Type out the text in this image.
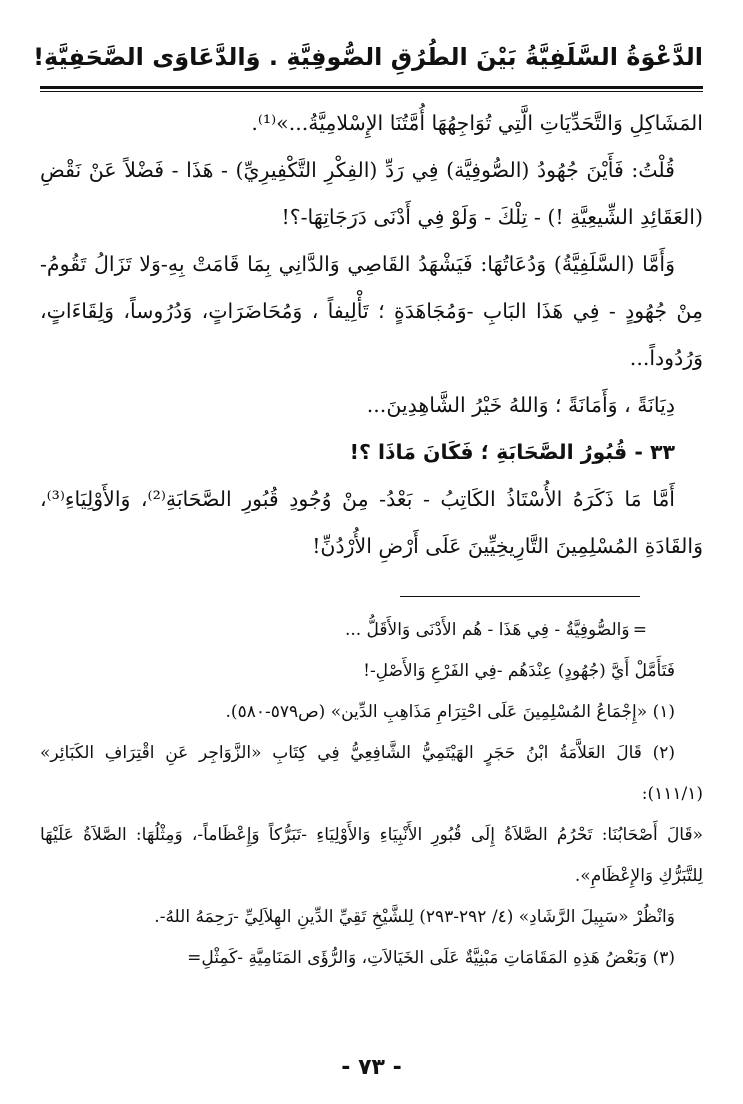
الدَّعْوَةُ السَّلَفِيَّةُ بَيْنَ الطُرُقِ الصُّوفِيَّةِ . وَالدَّعَاوَى الصَّحَفِيَّةِ!

المَشَاكِلِ وَالتَّحَدِّيَاتِ الَّتِي تُوَاجِهُهَا أُمَّتُنَا الإِسْلامِيَّةُ...»⁽¹⁾.

قُلْتُ: فَأَيْنَ جُهُودُ (الصُّوفِيَّة) فِي رَدِّ (الفِكْرِ التَّكْفِيرِيِّ) - هَذَا - فَضْلاً عَنْ نَقْضِ (العَقَائِدِ الشِّيعِيَّةِ !) - تِلْكَ - وَلَوْ فِي أَدْنَى دَرَجَاتِهَا-؟!

وَأَمَّا (السَّلَفِيَّةُ) وَدُعَاتُهَا: فَيَشْهَدُ القَاصِي وَالدَّانِي بِمَا قَامَتْ بِهِ-وَلا تَزَالُ تَقُومُ- مِنْ جُهُودٍ - فِي هَذَا البَابِ -وَمُجَاهَدَةٍ ؛ تَأْلِيفاً ، وَمُحَاضَرَاتٍ، وَدُرُوساً، وَلِقَاءَاتٍ، وَرُدُوداً...

دِيَانَةً ، وَأَمَانَةً ؛ وَاللهُ خَيْرُ الشَّاهِدِينَ...

٣٣ - قُبُورُ الصَّحَابَةِ ؛ فَكَانَ مَاذَا ؟!

أَمَّا مَا ذَكَرَهُ الأُسْتَاذُ الكَاتِبُ - بَعْدُ- مِنْ وُجُودِ قُبُورِ الصَّحَابَةِ⁽²⁾، وَالأَوْلِيَاءِ⁽³⁾، وَالقَادَةِ المُسْلِمِينَ التَّارِيخِيِّينَ عَلَى أَرْضِ الأُرْدُنِّ!

= وَالصُّوفِيَّةُ - فِي هَذَا - هُم الأَدْنَى وَالأَقَلُّ ...

فَتَأَمَّلْ أَيَّ (جُهُودٍ) عِنْدَهُم -فِي الفَرْعِ وَالأَصْلِ-!

(١) «إِجْمَاعُ المُسْلِمِينَ عَلَى احْتِرَامِ مَذَاهِبِ الدِّين» (ص٥٧٩-٥٨٠).

(٢) قَالَ العَلاَّمَةُ ابْنُ حَجَرٍ الهَيْتَمِيُّ الشَّافِعِيُّ فِي كِتَابِ «الزَّوَاجِر عَنِ اقْتِرَافِ الكَبَائِر» (١١١/١):

«قَالَ أَصْحَابُنَا: تَحْرُمُ الصَّلاَةُ إِلَى قُبُورِ الأَنْبِيَاءِ وَالأَوْلِيَاءِ -تَبَرُّكاً وَإِعْظَاماً-، وَمِثْلُهَا: الصَّلاَةُ عَلَيْهَا لِلتَّبَرُّكِ وَالإِعْظَامِ».

وَانْظُرْ «سَبِيلَ الرَّشَادِ» (٤/ ٢٩٢-٢٩٣) لِلشَّيْخِ تَقِيِّ الدِّينِ الهِلاَلِيِّ -رَحِمَهُ اللهُ-.

(٣) وَبَعْضُ هَذِهِ المَقَامَاتِ مَبْنِيَّةٌ عَلَى الخَيَالاَتِ، وَالرُّؤَى المَنَامِيَّةِ -كَمِثْلِ=

- ٧٣ -
